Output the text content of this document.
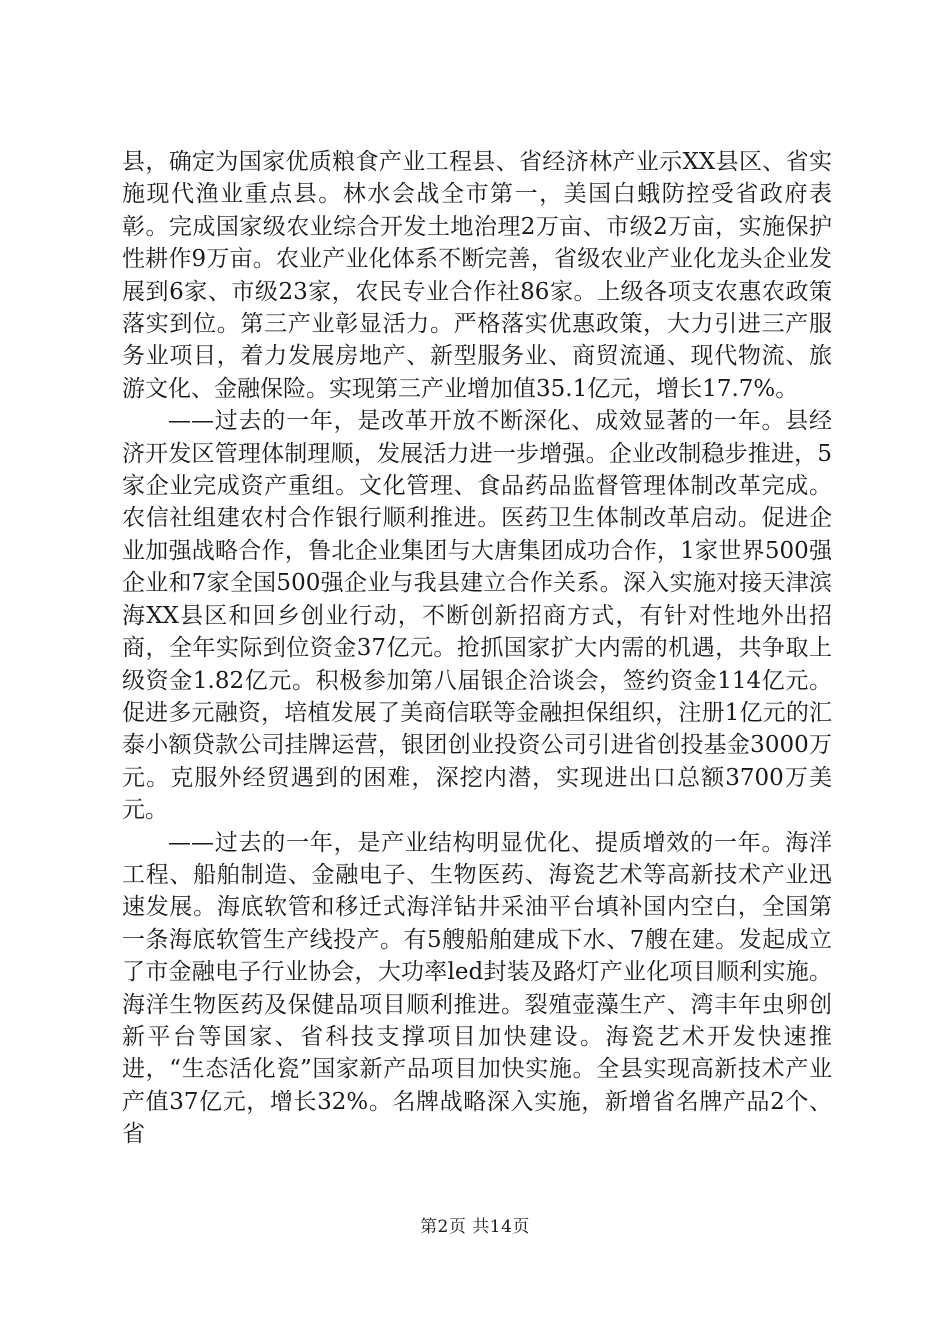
县，确定为国家优质粮食产业工程县、省经济林产业示XX县区、省实施现代渔业重点县。林水会战全市第一，美国白蛾防控受省政府表彰。完成国家级农业综合开发土地治理2万亩、市级2万亩，实施保护性耕作9万亩。农业产业化体系不断完善，省级农业产业化龙头企业发展到6家、市级23家，农民专业合作社86家。上级各项支农惠农政策落实到位。第三产业彰显活力。严格落实优惠政策，大力引进三产服务业项目，着力发展房地产、新型服务业、商贸流通、现代物流、旅游文化、金融保险。实现第三产业增加值35.1亿元，增长17.7%。

——过去的一年，是改革开放不断深化、成效显著的一年。县经济开发区管理体制理顺，发展活力进一步增强。企业改制稳步推进，5家企业完成资产重组。文化管理、食品药品监督管理体制改革完成。农信社组建农村合作银行顺利推进。医药卫生体制改革启动。促进企业加强战略合作，鲁北企业集团与大唐集团成功合作，1家世界500强企业和7家全国500强企业与我县建立合作关系。深入实施对接天津滨海XX县区和回乡创业行动，不断创新招商方式，有针对性地外出招商，全年实际到位资金37亿元。抢抓国家扩大内需的机遇，共争取上级资金1.82亿元。积极参加第八届银企洽谈会，签约资金114亿元。促进多元融资，培植发展了美商信联等金融担保组织，注册1亿元的汇泰小额贷款公司挂牌运营，银团创业投资公司引进省创投基金3000万元。克服外经贸遇到的困难，深挖内潜，实现进出口总额3700万美元。

——过去的一年，是产业结构明显优化、提质增效的一年。海洋工程、船舶制造、金融电子、生物医药、海瓷艺术等高新技术产业迅速发展。海底软管和移迁式海洋钻井采油平台填补国内空白，全国第一条海底软管生产线投产。有5艘船舶建成下水、7艘在建。发起成立了市金融电子行业协会，大功率led封装及路灯产业化项目顺利实施。海洋生物医药及保健品项目顺利推进。裂殖壶藻生产、湾丰年虫卵创新平台等国家、省科技支撑项目加快建设。海瓷艺术开发快速推进，“生态活化瓷”国家新产品项目加快实施。全县实现高新技术产业产值37亿元，增长32%。名牌战略深入实施，新增省名牌产品2个、省

第2页 共14页
